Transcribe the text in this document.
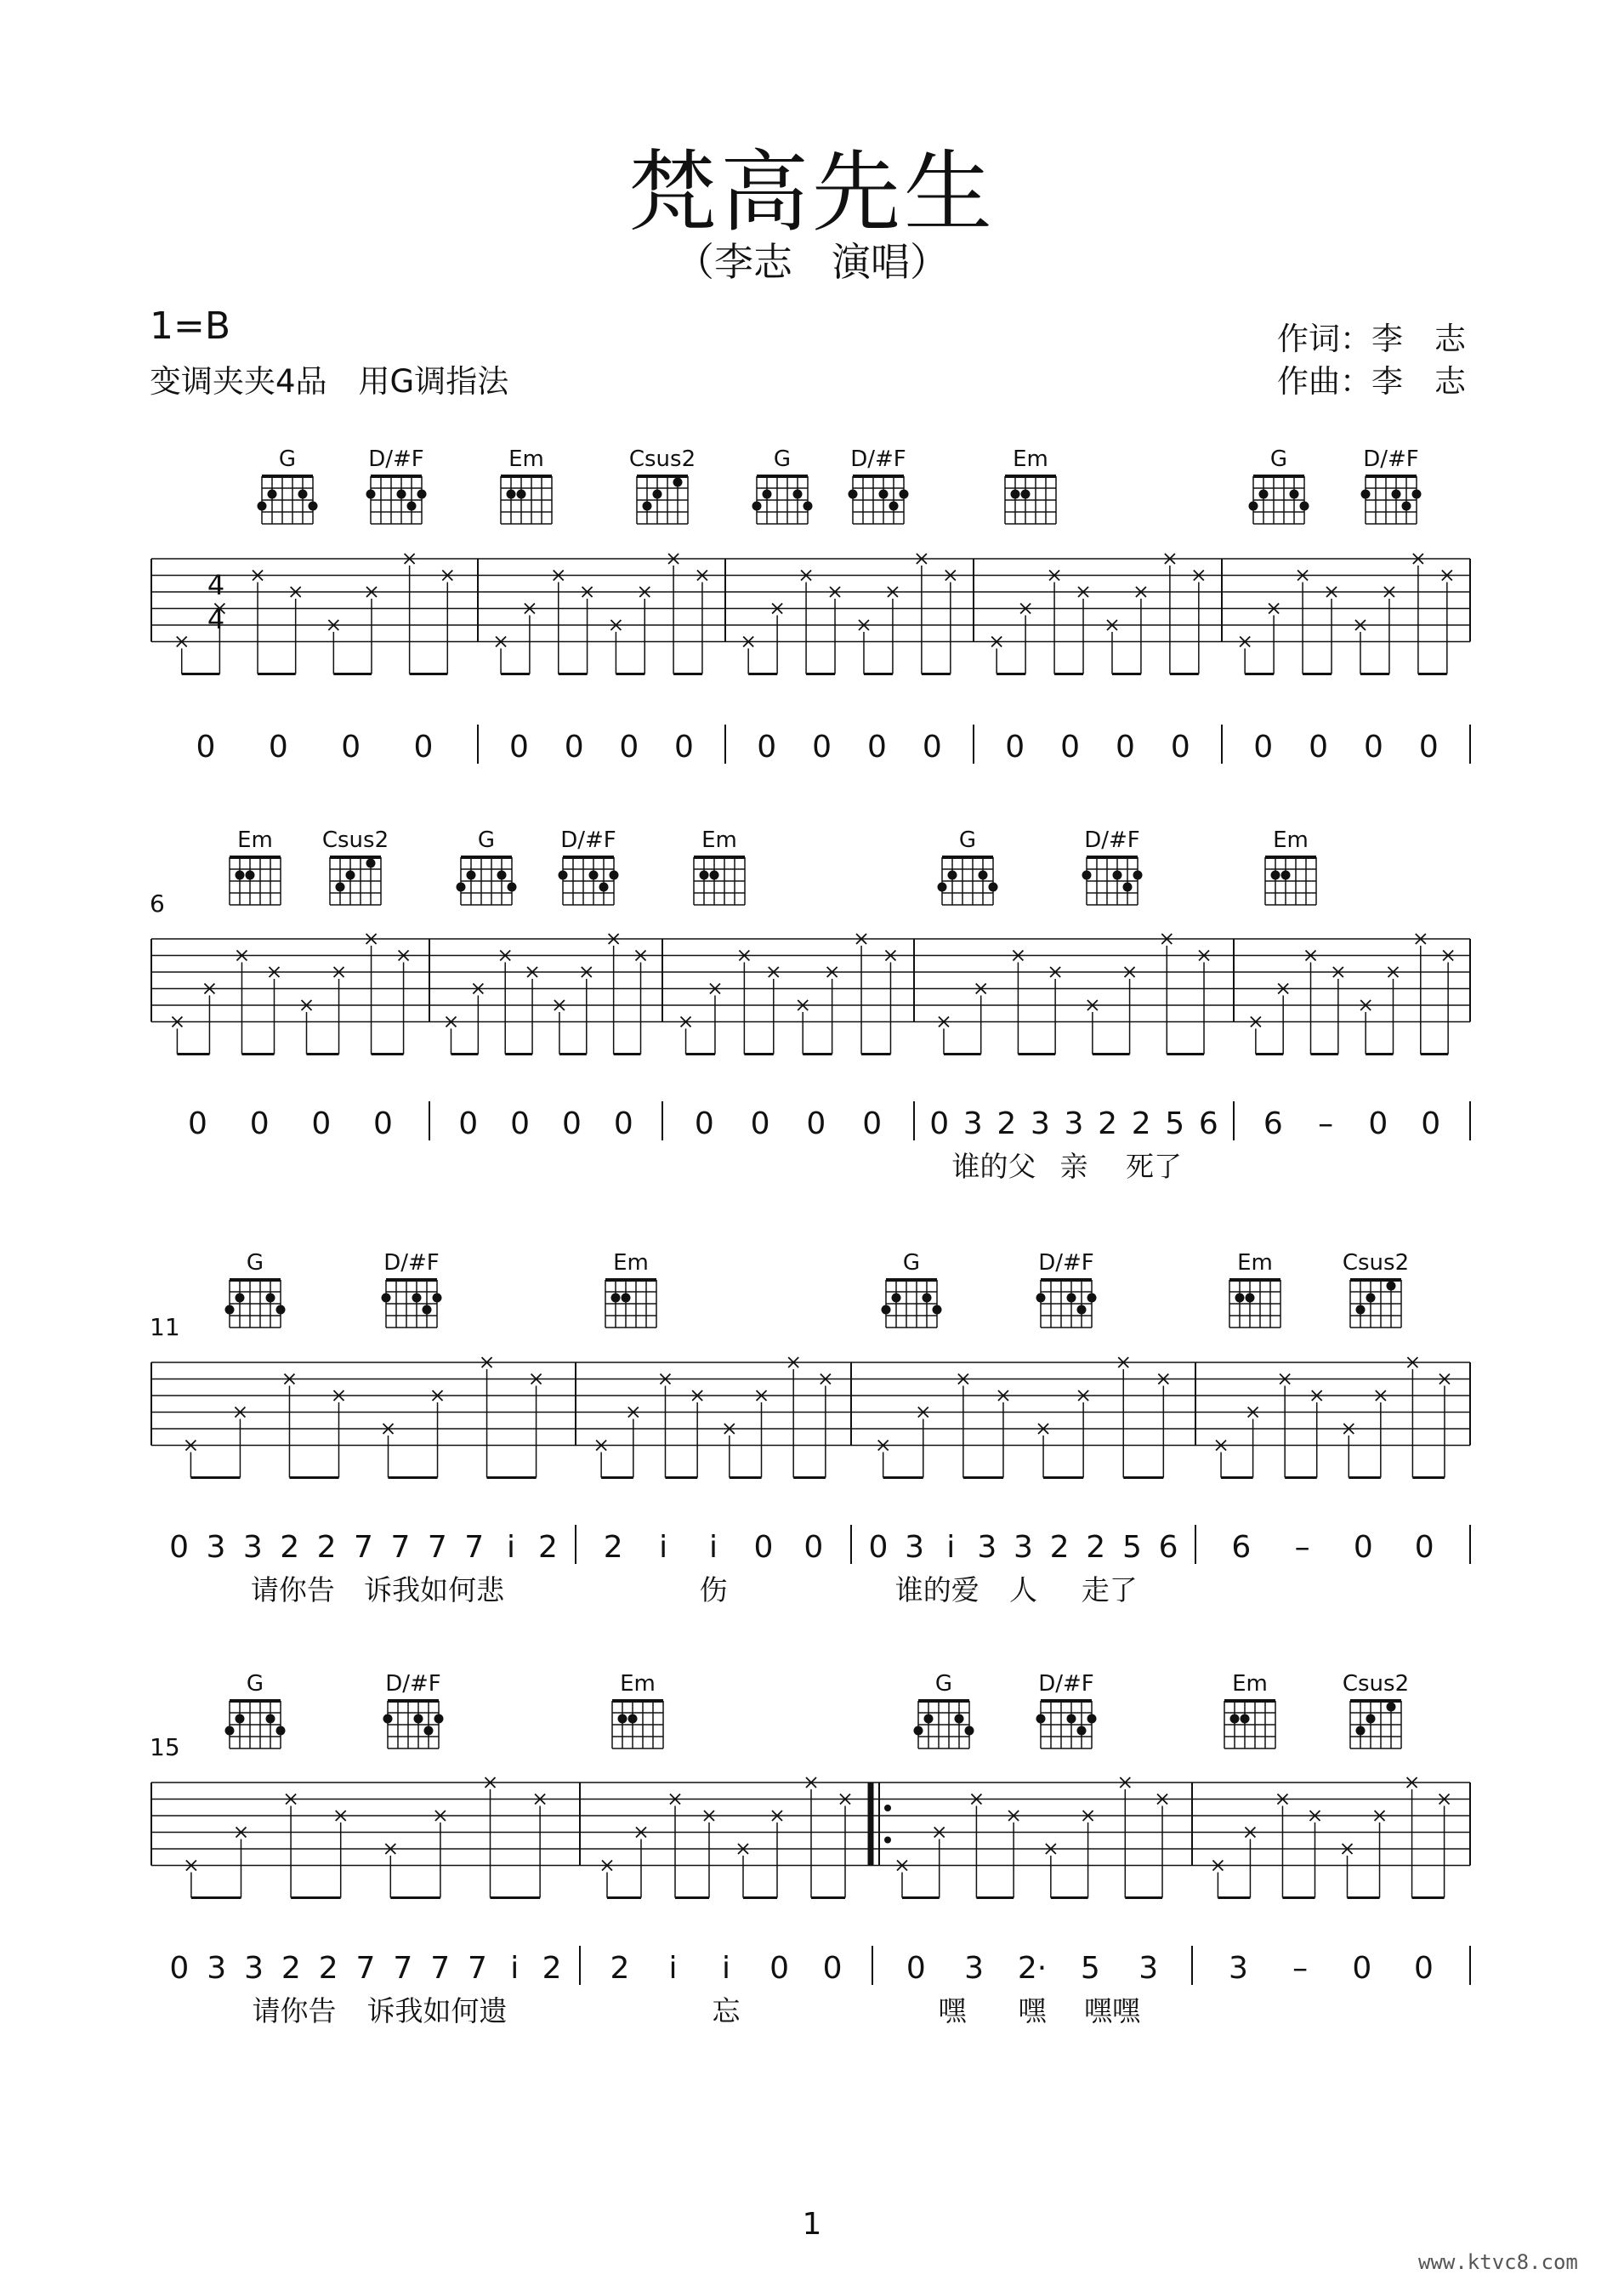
梵高先生
（李志　演唱）
1=B
变调夹夹4品　用G调指法
作词：李　志
作曲：李　志
G	D/#F	Em	Csus2	G	D/#F	Em	G	D/#F
4
4
0 0 0 0 0 0 0 0 0 0 0 0 0 0 0 0 0 0 0 0
Em Csus2	G	D/#F	Em	G	D/#F	Em
0 0 0 0 0 0 0 0 0 0 0 0 0 3 2 3 3 2 2 5 6
谁的父 亲 死了
6 – 0 0
G	D/#F	Em	G	D/#F	Em	Csus2
0 3 3 2 2 7 7 7 7 i 2
请你告 诉我如何悲
2 i i 0 0
伤
0 3 i 3 3 2 2 5 6
谁的爱 人 走了
6 – 0 0
G	D/#F	Em	G	D/#F	Em	Csus2
0 3 3 2 2 7 7 7 7 i 2
请你告 诉我如何遗
2 i i 0 0
忘
0 3 2· 5 3
嘿 嘿 嘿嘿
3 – 0 0
1
www.ktvc8.com
6
11
15
